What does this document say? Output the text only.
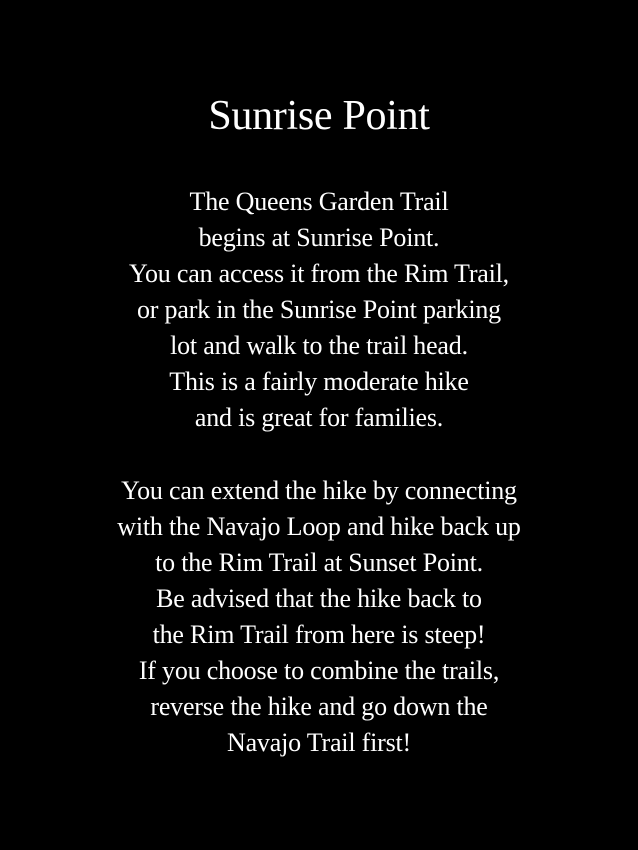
Sunrise Point
The Queens Garden Trail
begins at Sunrise Point.
You can access it from the Rim Trail,
or park in the Sunrise Point parking
lot and walk to the trail head.
This is a fairly moderate hike
and is great for families.
You can extend the hike by connecting
with the Navajo Loop and hike back up
to the Rim Trail at Sunset Point.
Be advised that the hike back to
the Rim Trail from here is steep!
If you choose to combine the trails,
reverse the hike and go down the
Navajo Trail first!
